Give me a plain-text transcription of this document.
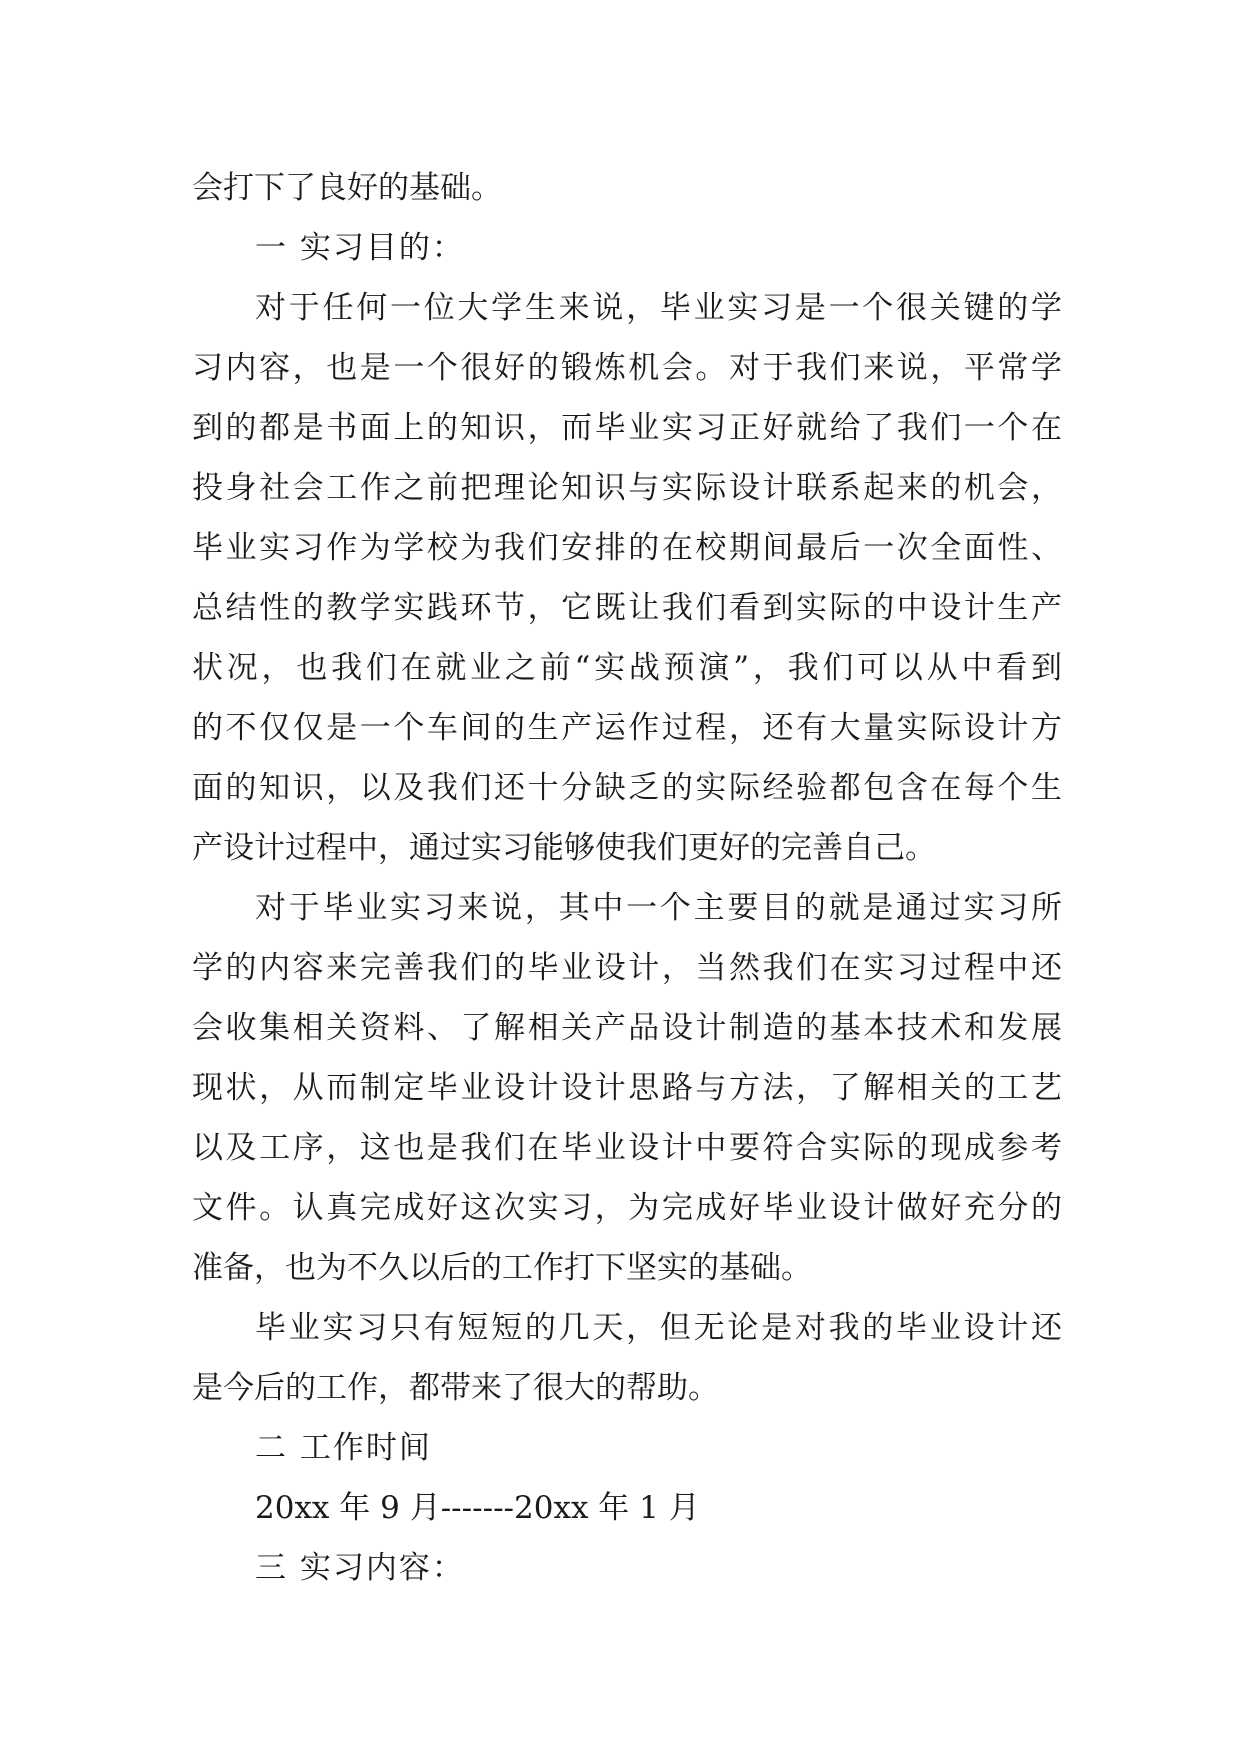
会打下了良好的基础。
一 实习目的：
对于任何一位大学生来说，毕业实习是一个很关键的学
习内容，也是一个很好的锻炼机会。对于我们来说，平常学
到的都是书面上的知识，而毕业实习正好就给了我们一个在
投身社会工作之前把理论知识与实际设计联系起来的机会，
毕业实习作为学校为我们安排的在校期间最后一次全面性、
总结性的教学实践环节，它既让我们看到实际的中设计生产
状况，也我们在就业之前“实战预演”，我们可以从中看到
的不仅仅是一个车间的生产运作过程，还有大量实际设计方
面的知识，以及我们还十分缺乏的实际经验都包含在每个生
产设计过程中，通过实习能够使我们更好的完善自己。
对于毕业实习来说，其中一个主要目的就是通过实习所
学的内容来完善我们的毕业设计，当然我们在实习过程中还
会收集相关资料、了解相关产品设计制造的基本技术和发展
现状，从而制定毕业设计设计思路与方法，了解相关的工艺
以及工序，这也是我们在毕业设计中要符合实际的现成参考
文件。认真完成好这次实习，为完成好毕业设计做好充分的
准备，也为不久以后的工作打下坚实的基础。
毕业实习只有短短的几天，但无论是对我的毕业设计还
是今后的工作，都带来了很大的帮助。
二 工作时间
20xx 年 9 月-------20xx 年 1 月
三 实习内容：
